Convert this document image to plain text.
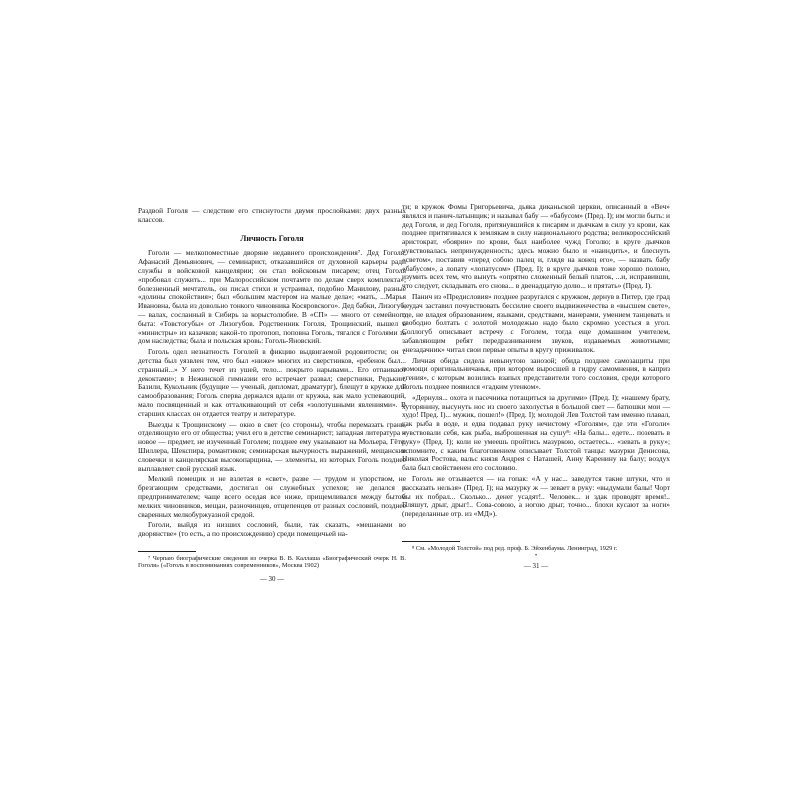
Раздвой Гоголя — следствие его стиснутости двумя прослойками: двух разных классов.

Личность Гоголя

Гоголи — мелкопоместные дворяне недавнего происхождения⁷. Дед Гоголя, Афанасий Демьянович, — семинарист, отказавшийся от духовной карьеры ради службы в войсковой канцелярии; он стал войсковым писарем; отец Гоголя «пробовал служить... при Малороссийском почтамте по делам сверх комплекта»; болезненный мечтатель, он писал стихи и устраивал, подобно Манилову, разные «долины спокойствия»; был «большим мастером на малые дела»; «мать, ...Марья Ивановна, была из довольно тонкого чиновника Косяровского». Дед бабки, Лизогуб, — валах, сосланный в Сибирь за корыстолюбие. В «СП» — много от семейного быта: «Товстогубы» от Лизогубов. Родственник Гоголя, Трощинский, вышел в «министры» из казачков; какой-то протопоп, поповна Гоголь, тягался с Гоголями за дом наследства; была и польская кровь: Гоголь-Яновский.

Гоголь одел незнатность Гоголей в фикцию выдвигаемой родовитости; он с детства был уязвлен тем, что был «ниже» многих из сверстников, «ребенок был... странный...» У него течет из ушей, тело... покрыто нарывами... Его отпаивают декоктами»; в Нежинской гимназии его встречает развал; сверстники, Редькин, Базили, Кукольник (будущие — ученый, дипломат, драматург), блещут в кружке для самообразования; Гоголь сперва держался вдали от кружка, как мало успевающий, мало посвященный и как отталкивающий от себя «золотушными явлениями». В старших классах он отдается театру и литературе.

Выезды к Трощинскому — окно в свет (со стороны), чтобы перемазать грань, отделяющую его от общества; учил его в детстве семинарист; западная литература и новое — предмет, не изученный Гоголем; позднее ему указывают на Мольера, Гёте, Шиллера, Шекспира, романтиков; семинарская вычурность выражений, мещанские словечки и канцелярская высокопарщина, — элементы, из которых Гоголь позднее выплавляет свой русский язык.

Мелкий помещик и не взлетая в «свет», разве — трудом и упорством, не брезгающим средствами, достигал он служебных успехов; не делался и предпринимателем; чаще всего оседая все ниже, прищемливался между бытом мелких чиновников, мещан, разночинцев, отщепенцев от разных сословий, позднее сваренных мелкобуржуазной средой.

Гоголи, выйдя из низших сословий, были, так сказать, «мешанами во дворянстве» (то есть, а по происхождению) среди помещичьей на-

⁷ Черпаю биографические сведения из очерка В. В. Каллаша «Биографический очерк Н. В. Гоголя» («Гоголь в воспоминаниях современников», Москва 1902)

— 30 —

ти; в кружок Фомы Григорьевича, дьяка диканьской церкви, описанный в «Веч» являлся и панич-латынщик; и называл бабу — «бабусом» (Пред. I); им могли быть: и дед Гоголя, и дед Гоголя, притянувшийся к писарям и дьячкам в силу уз крови, как позднее притягивался к землякам в силу национального родства; великороссийский аристократ, «боярин» по крови, был наиболее чужд Гоголю; в круге дьячков чувствовалась непринужденность; здесь можно было и «наиндить», и блеснуть «светом», поставив «перед собою палец и, глядя на конец его», — назвать бабу «бабусом», а лопату «лопатусом» (Пред. I); в круге дьячков тоже хорошо полоно, изумить всех тем, что вынуть «опрятно сложенный белый платок, ...и, исправивши, что следует, складывать его снова... в двенадцатую долю... и прятать» (Пред. I).

Панич из «Предисловия» позднее разругался с кружком, дернув в Питер, где град неудач заставил почувствовать бессилие своего выдвиженчества в «высшем свете», где, не владея образованием, языками, средствами, манерами, умением танцевать и свободно болтать с золотой молодежью надо было скромно усесться в угол. Соллогуб описывает встречу с Гоголем, тогда еще домашним учителем, забавляющим ребят передразниванием звуков, издаваемых животными; «незадачник» читал свои первые опыты в кругу приживалок.

Личная обида сидела невынутою занозой; обида позднее самозащиты при помощи оригинальничанья, при котором выросшей в гидру самомнения, в каприз «гения», с которым возились взапых представители того сословия, среди которого Гоголь позднее появился «гадким утенком».

«Дернуля... охота и пасечника потащиться за другими» (Пред. I); «нашему брату, хуторянину, высунуть нос из своего захолустья в большой свет — батюшки мои — худо! Пред. I)... мужик, пошел!» (Пред. I); молодой Лев Толстой там именно плавал, как рыба в воде, и едва подавал руку нечистому «Гоголям», где эти «Гоголи» чувствовали себя, как рыба, выброшенная на сушу⁸: «На балы... едете... позевать в руку» (Пред. I); коли не умеешь пройтись мазуркою, остаетесь... «зевать в руку»; вспомните, с каким благоговением описывает Толстой танцы: мазурки Денисова, Николая Ростова, вальс князя Андрея с Наташей, Анну Каренину на балу; воздух бала был свойственен его сословию.

Гоголь же отзывается — на гопак: «А у нас... заведутся такие штуки, что и рассказать нельзя» (Пред. I); на мазурку ж — зевает в руку: «выдумали балы! Чорт бы их побрал... Сколько... денег усадят!.. Человек... и здак проводят время!.. Пляшут, дрыг, дрыг!.. Сова-совою, а ногою дрыг, точно... блохи кусают за ноги» (переделанные отр. из «МД»).

⁸ См. «Молодой Толстой» под ред. проф. Б. Эйхенбаума. Ленинград, 1929 г.

•
— 31 —
